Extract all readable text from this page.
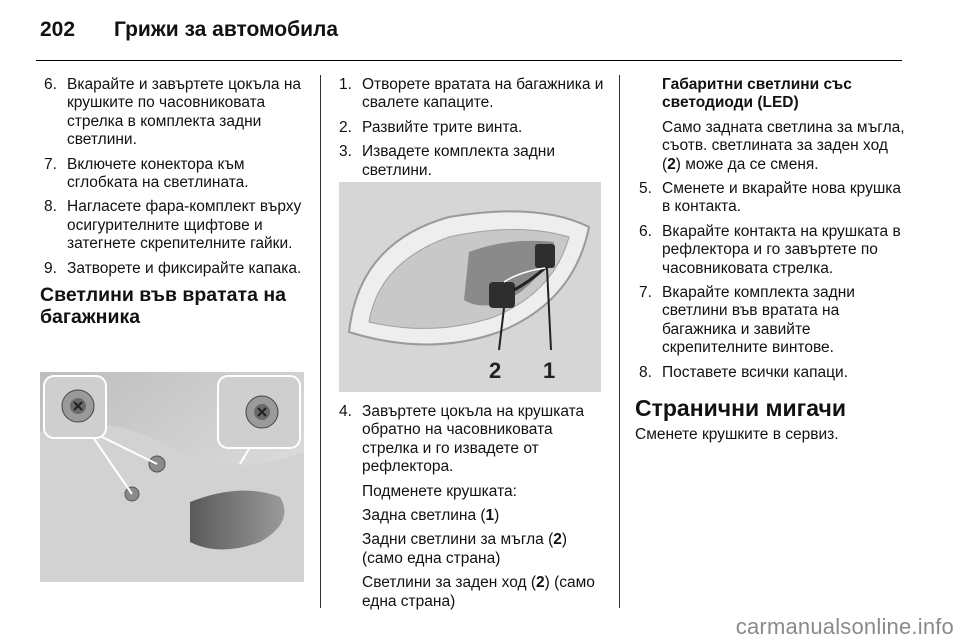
202 Грижи за автомобила
6. Вкарайте и завъртете цокъла на крушките по часовниковата стрелка в комплекта задни светлини.
7. Включете конектора към сглобката на светлината.
8. Нагласете фара-комплект върху осигурителните щифтове и затегнете скрепителните гайки.
9. Затворете и фиксирайте капака.
Светлини във вратата на багажника
1. Отворете вратата на багажника и свалете капаците.
2. Развийте трите винта.
3. Извадете комплекта задни светлини.
2 1
4. Завъртете цокъла на крушката обратно на часовниковата стрелка и го извадете от рефлектора.
Подменете крушката:
Задна светлина (1)
Задни светлини за мъгла (2) (само една страна)
Светлини за заден ход (2) (само една страна)
Габаритни светлини със светодиоди (LED)
Само задната светлина за мъгла, съотв. светлината за заден ход (2) може да се сменя.
5. Сменете и вкарайте нова крушка в контакта.
6. Вкарайте контакта на крушката в рефлектора и го завъртете по часовниковата стрелка.
7. Вкарайте комплекта задни светлини във вратата на багажника и завийте скрепителните винтове.
8. Поставете всички капаци.
Странични мигачи
Сменете крушките в сервиз.
carmanualsonline.info
